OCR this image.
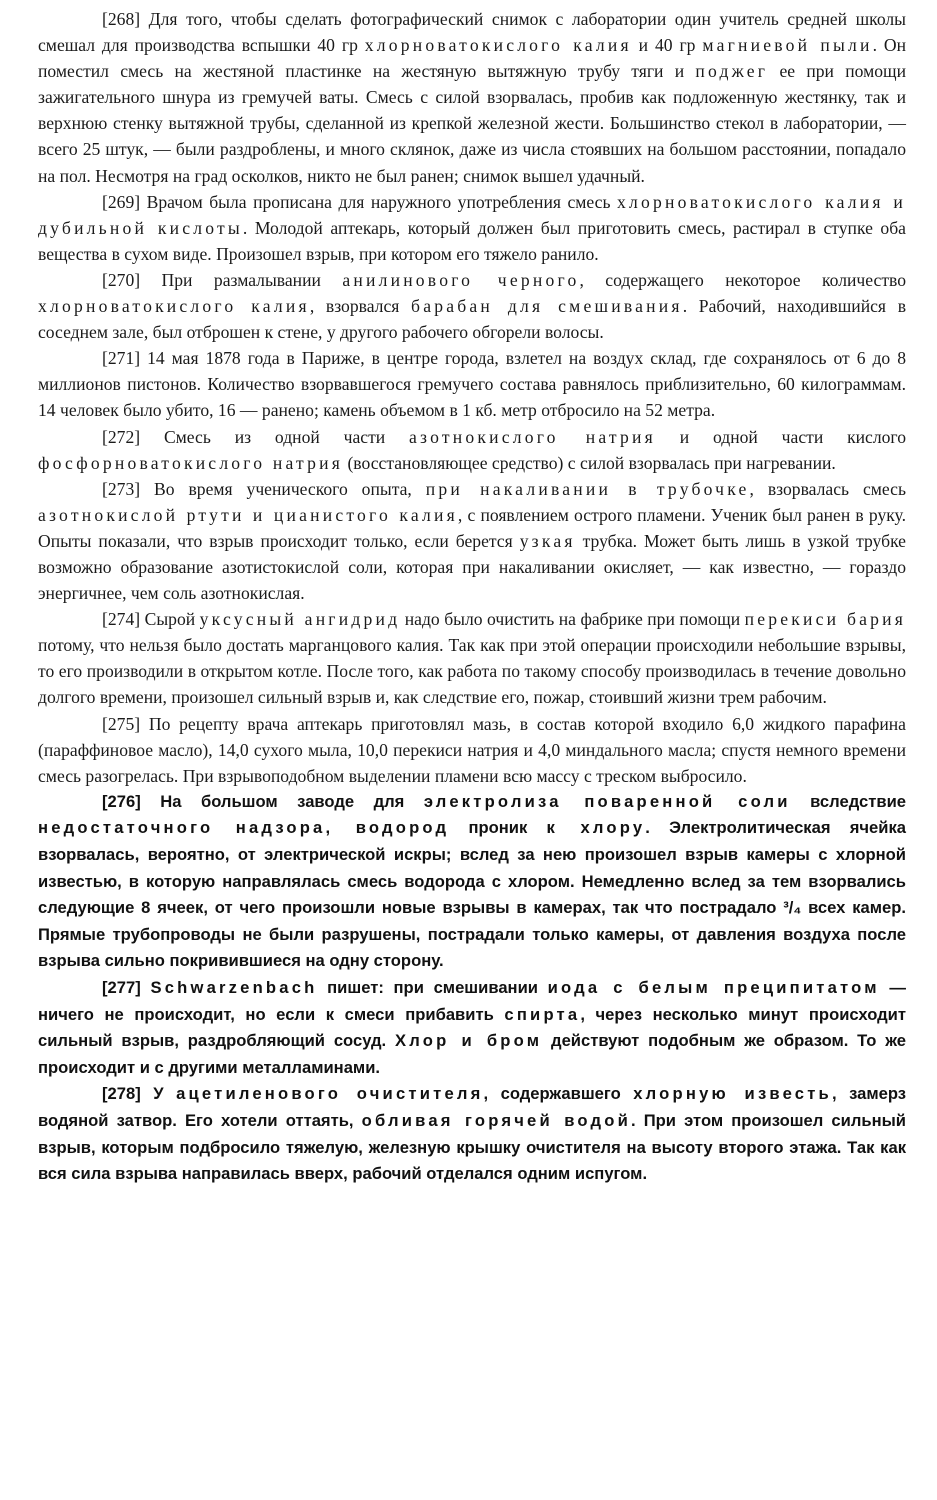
[268] Для того, чтобы сделать фотографический снимок с лаборатории один учитель средней школы смешал для производства вспышки 40 гр хлорноватокислого калия и 40 гр магниевой пыли. Он поместил смесь на жестяной пластинке на жестяную вытяжную трубу тяги и поджег ее при помощи зажигательного шнура из гремучей ваты. Смесь с силой взорвалась, пробив как подложенную жестянку, так и верхнюю стенку вытяжной трубы, сделанной из крепкой железной жести. Большинство стекол в лаборатории, — всего 25 штук, — были раздроблены, и много склянок, даже из числа стоявших на большом расстоянии, попадало на пол. Несмотря на град осколков, никто не был ранен; снимок вышел удачный.

[269] Врачом была прописана для наружного употребления смесь хлорноватокислого калия и дубильной кислоты. Молодой аптекарь, который должен был приготовить смесь, растирал в ступке оба вещества в сухом виде. Произошел взрыв, при котором его тяжело ранило.

[270] При размалывании анилинового черного, содержащего некоторое количество хлорноватокислого калия, взорвался барабан для смешивания. Рабочий, находившийся в соседнем зале, был отброшен к стене, у другого рабочего обгорели волосы.

[271] 14 мая 1878 года в Париже, в центре города, взлетел на воздух склад, где сохранялось от 6 до 8 миллионов пистонов. Количество взорвавшегося гремучего состава равнялось приблизительно, 60 килограммам. 14 человек было убито, 16 — ранено; камень объемом в 1 кб. метр отбросило на 52 метра.

[272] Смесь из одной части азотнокислого натрия и одной части кислого фосфорноватокислого натрия (восстановляющее средство) с силой взорвалась при нагревании.

[273] Во время ученического опыта, при накаливании в трубочке, взорвалась смесь азотнокислой ртути и цианистого калия, с появлением острого пламени. Ученик был ранен в руку. Опыты показали, что взрыв происходит только, если берется узкая трубка. Может быть лишь в узкой трубке возможно образование азотистокислой соли, которая при накаливании окисляет, — как известно, — гораздо энергичнее, чем соль азотнокислая.

[274] Сырой уксусный ангидрид надо было очистить на фабрике при помощи перекиси бария потому, что нельзя было достать марганцового калия. Так как при этой операции происходили небольшие взрывы, то его производили в открытом котле. После того, как работа по такому способу производилась в течение довольно долгого времени, произошел сильный взрыв и, как следствие его, пожар, стоивший жизни трем рабочим.

[275] По рецепту врача аптекарь приготовлял мазь, в состав которой входило 6,0 жидкого парафина (параффиновое масло), 14,0 сухого мыла, 10,0 перекиси натрия и 4,0 миндального масла; спустя немного времени смесь разогрелась. При взрывоподобном выделении пламени всю массу с треском выбросило.

[276] На большом заводе для электролиза поваренной соли вследствие недостаточного надзора, водород проник к хлору. Электролитическая ячейка взорвалась, вероятно, от электрической искры; вслед за нею произошел взрыв камеры с хлорной известью, в которую направлялась смесь водорода с хлором. Немедленно вслед за тем взорвались следующие 8 ячеек, от чего произошли новые взрывы в камерах, так что пострадало ³/₄ всех камер. Прямые трубопроводы не были разрушены, пострадали только камеры, от давления воздуха после взрыва сильно покривившиеся на одну сторону.

[277] Schwarzenbach пишет: при смешивании иода с белым преципитатом — ничего не происходит, но если к смеси прибавить спирта, через несколько минут происходит сильный взрыв, раздробляющий сосуд. Хлор и бром действуют подобным же образом. То же происходит и с другими металламинами.

[278] У ацетиленового очистителя, содержавшего хлорную известь, замерз водяной затвор. Его хотели оттаять, обливая горячей водой. При этом произошел сильный взрыв, которым подбросило тяжелую, железную крышку очистителя на высоту второго этажа. Так как вся сила взрыва направилась вверх, рабочий отделался одним испугом.
